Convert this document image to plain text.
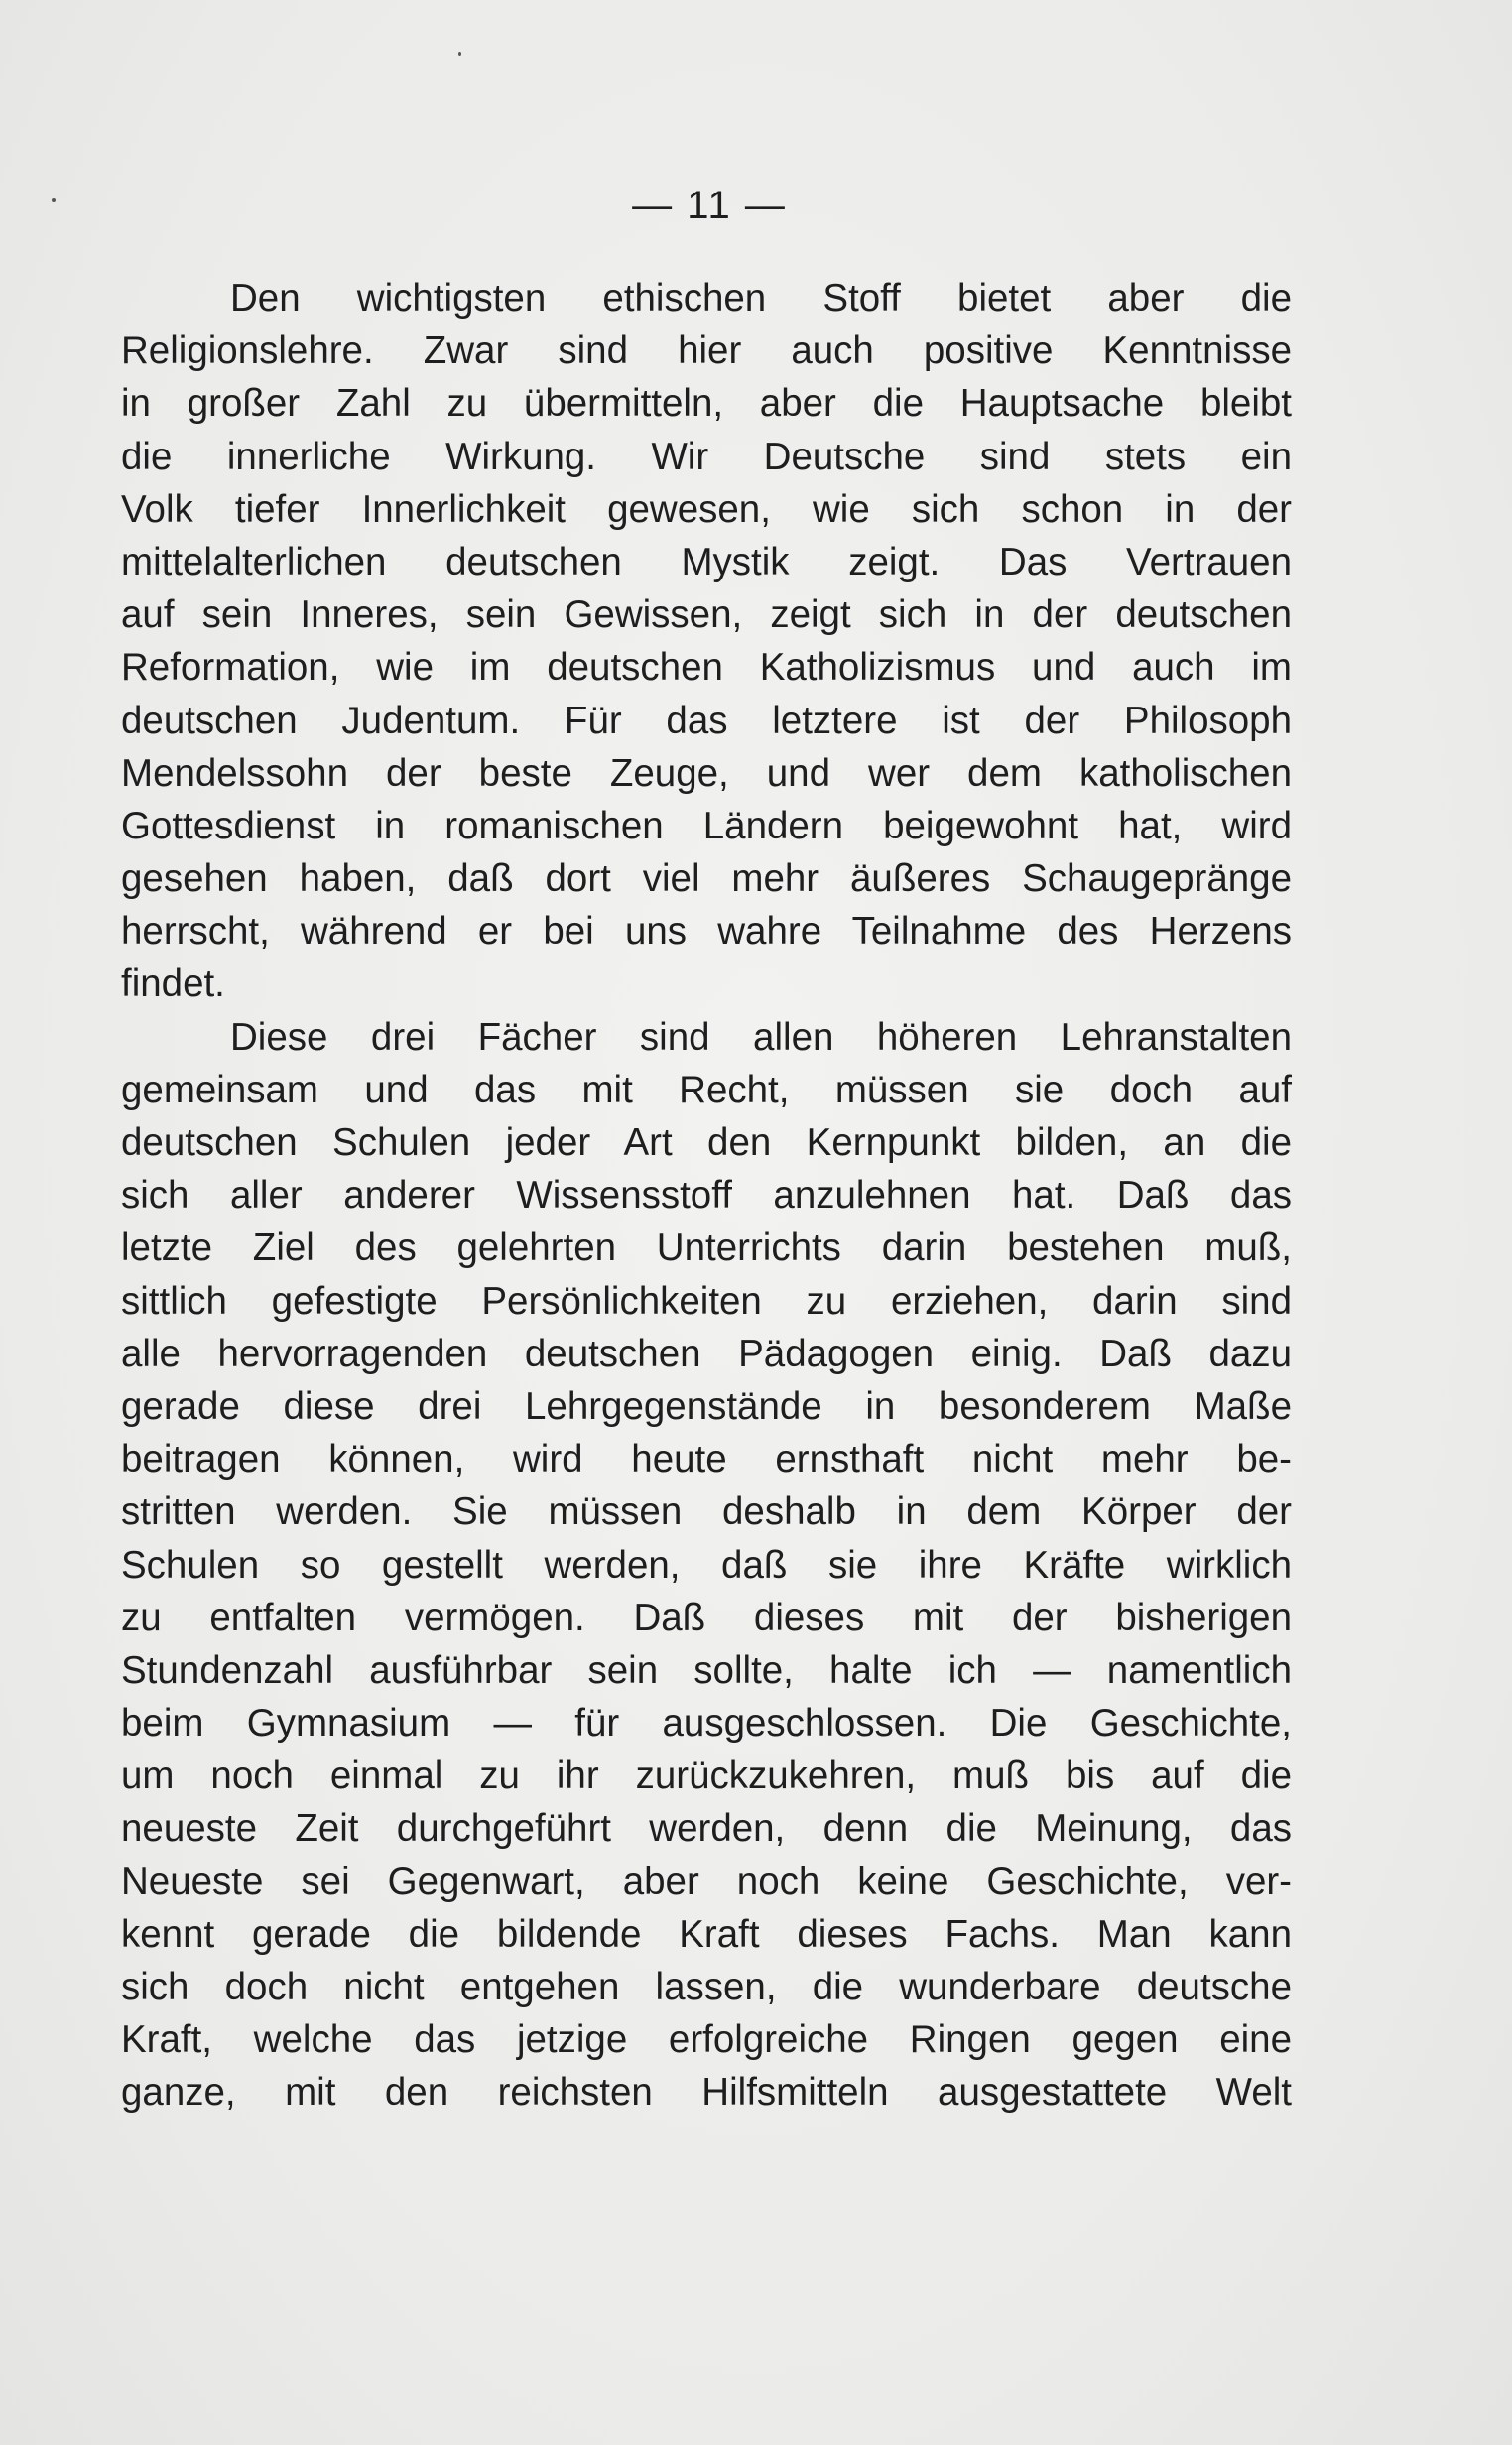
— 11 —
Den wichtigsten ethischen Stoff bietet aber die
Religionslehre. Zwar sind hier auch positive Kenntnisse
in großer Zahl zu übermitteln, aber die Hauptsache bleibt
die innerliche Wirkung. Wir Deutsche sind stets ein
Volk tiefer Innerlichkeit gewesen, wie sich schon in der
mittelalterlichen deutschen Mystik zeigt. Das Vertrauen
auf sein Inneres, sein Gewissen, zeigt sich in der deutschen
Reformation, wie im deutschen Katholizismus und auch im
deutschen Judentum. Für das letztere ist der Philosoph
Mendelssohn der beste Zeuge, und wer dem katholischen
Gottesdienst in romanischen Ländern beigewohnt hat, wird
gesehen haben, daß dort viel mehr äußeres Schaugepränge
herrscht, während er bei uns wahre Teilnahme des Herzens
findet.
Diese drei Fächer sind allen höheren Lehranstalten
gemeinsam und das mit Recht, müssen sie doch auf
deutschen Schulen jeder Art den Kernpunkt bilden, an die
sich aller anderer Wissensstoff anzulehnen hat. Daß das
letzte Ziel des gelehrten Unterrichts darin bestehen muß,
sittlich gefestigte Persönlichkeiten zu erziehen, darin sind
alle hervorragenden deutschen Pädagogen einig. Daß dazu
gerade diese drei Lehrgegenstände in besonderem Maße
beitragen können, wird heute ernsthaft nicht mehr be-
stritten werden. Sie müssen deshalb in dem Körper der
Schulen so gestellt werden, daß sie ihre Kräfte wirklich
zu entfalten vermögen. Daß dieses mit der bisherigen
Stundenzahl ausführbar sein sollte, halte ich — namentlich
beim Gymnasium — für ausgeschlossen. Die Geschichte,
um noch einmal zu ihr zurückzukehren, muß bis auf die
neueste Zeit durchgeführt werden, denn die Meinung, das
Neueste sei Gegenwart, aber noch keine Geschichte, ver-
kennt gerade die bildende Kraft dieses Fachs. Man kann
sich doch nicht entgehen lassen, die wunderbare deutsche
Kraft, welche das jetzige erfolgreiche Ringen gegen eine
ganze, mit den reichsten Hilfsmitteln ausgestattete Welt
